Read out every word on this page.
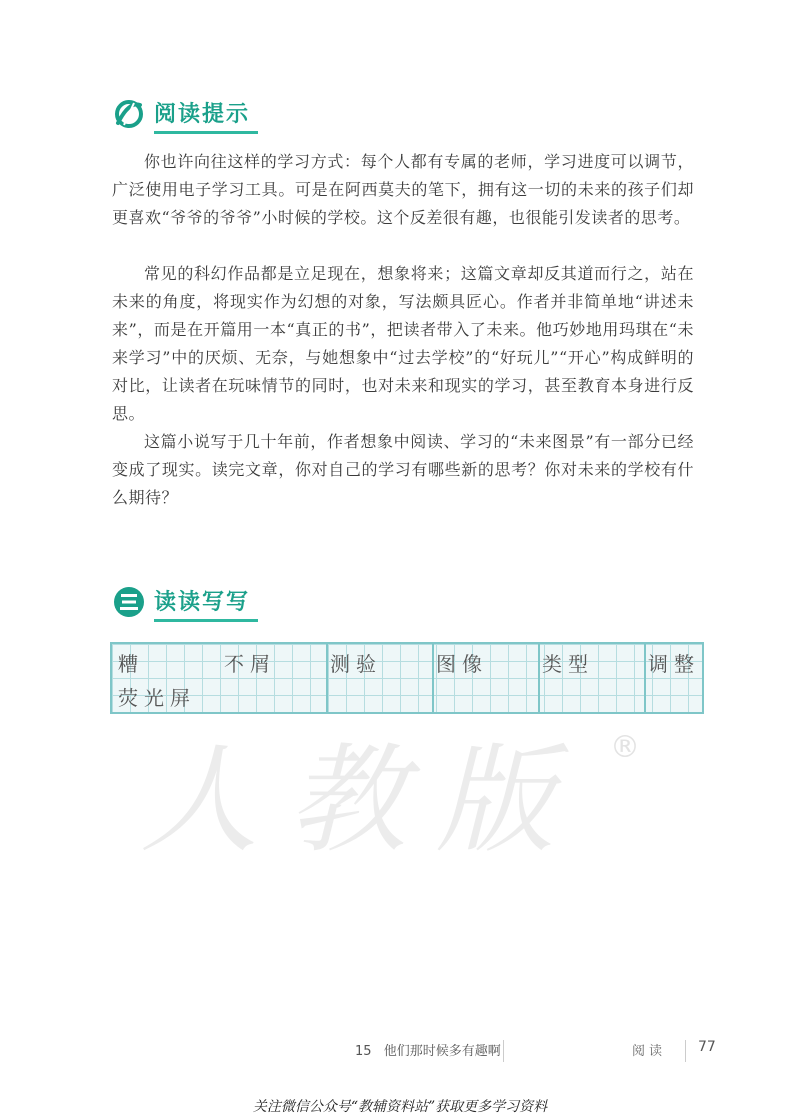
阅读提示

你也许向往这样的学习方式：每个人都有专属的老师，学习进度可以调节，广泛使用电子学习工具。可是在阿西莫夫的笔下，拥有这一切的未来的孩子们却更喜欢“爷爷的爷爷”小时候的学校。这个反差很有趣，也很能引发读者的思考。

常见的科幻作品都是立足现在，想象将来；这篇文章却反其道而行之，站在未来的角度，将现实作为幻想的对象，写法颇具匠心。作者并非简单地“讲述未来”，而是在开篇用一本“真正的书”，把读者带入了未来。他巧妙地用玛琪在“未来学习”中的厌烦、无奈，与她想象中“过去学校”的“好玩儿”“开心”构成鲜明的对比，让读者在玩味情节的同时，也对未来和现实的学习，甚至教育本身进行反思。

这篇小说写于几十年前，作者想象中阅读、学习的“未来图景”有一部分已经变成了现实。读完文章，你对自己的学习有哪些新的思考？你对未来的学校有什么期待？

读读写写
糟	不屑	测验	图像	类型	调整
荧光屏
人教版 ®
15 他们那时候多有趣啊	阅读 77
关注微信公众号“教辅资料站”获取更多学习资料
